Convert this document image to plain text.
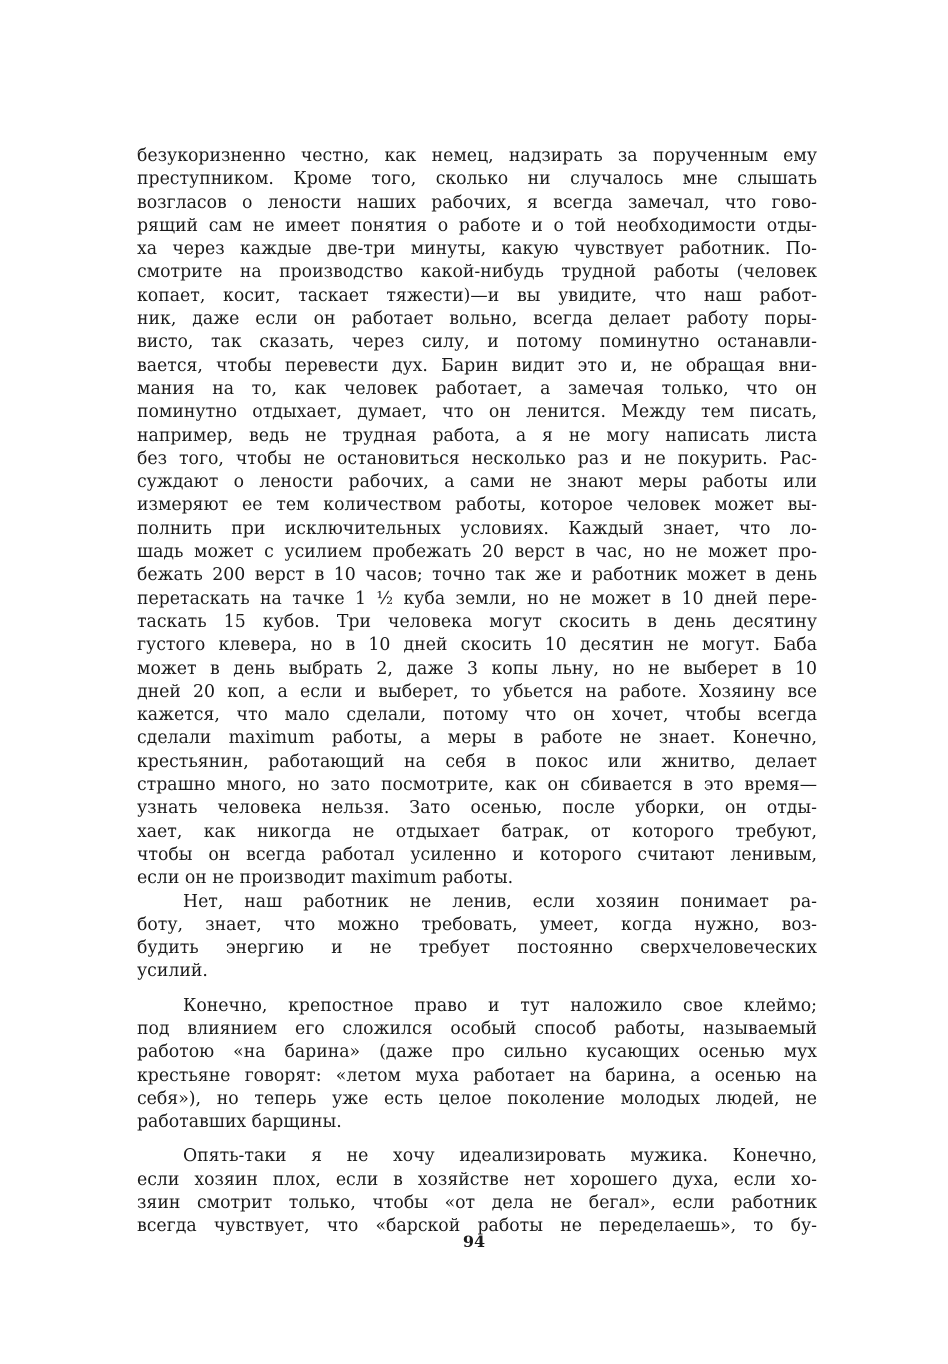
безукоризненно честно, как немец, надзирать за порученным ему
преступником. Кроме того, сколько ни случалось мне слышать
возгласов о лености наших рабочих, я всегда замечал, что гово-
рящий сам не имеет понятия о работе и о той необходимости отды-
ха через каждые две-три минуты, какую чувствует работник. По-
смотрите на производство какой-нибудь трудной работы (человек
копает, косит, таскает тяжести)—и вы увидите, что наш работ-
ник, даже если он работает вольно, всегда делает работу поры-
висто, так сказать, через силу, и потому поминутно останавли-
вается, чтобы перевести дух. Барин видит это и, не обращая вни-
мания на то, как человек работает, а замечая только, что он
поминутно отдыхает, думает, что он ленится. Между тем писать,
например, ведь не трудная работа, а я не могу написать листа
без того, чтобы не остановиться несколько раз и не покурить. Рас-
суждают о лености рабочих, а сами не знают меры работы или
измеряют ее тем количеством работы, которое человек может вы-
полнить при исключительных условиях. Каждый знает, что ло-
шадь может с усилием пробежать 20 верст в час, но не может про-
бежать 200 верст в 10 часов; точно так же и работник может в день
перетаскать на тачке 1 ½ куба земли, но не может в 10 дней пере-
таскать 15 кубов. Три человека могут скосить в день десятину
густого клевера, но в 10 дней скосить 10 десятин не могут. Баба
может в день выбрать 2, даже 3 копы льну, но не выберет в 10
дней 20 коп, а если и выберет, то убьется на работе. Хозяину все
кажется, что мало сделали, потому что он хочет, чтобы всегда
сделали maximum работы, а меры в работе не знает. Конечно,
крестьянин, работающий на себя в покос или жнитво, делает
страшно много, но зато посмотрите, как он сбивается в это время—
узнать человека нельзя. Зато осенью, после уборки, он отды-
хает, как никогда не отдыхает батрак, от которого требуют,
чтобы он всегда работал усиленно и которого считают ленивым,
если он не производит maximum работы.
Нет, наш работник не ленив, если хозяин понимает ра-
боту, знает, что можно требовать, умеет, когда нужно, воз-
будить энергию и не требует постоянно сверхчеловеческих
усилий.
Конечно, крепостное право и тут наложило свое клеймо;
под влиянием его сложился особый способ работы, называемый
работою «на барина» (даже про сильно кусающих осенью мух
крестьяне говорят: «летом муха работает на барина, а осенью на
себя»), но теперь уже есть целое поколение молодых людей, не
работавших барщины.
Опять-таки я не хочу идеализировать мужика. Конечно,
если хозяин плох, если в хозяйстве нет хорошего духа, если хо-
зяин смотрит только, чтобы «от дела не бегал», если работник
всегда чувствует, что «барской работы не переделаешь», то бу-
94
